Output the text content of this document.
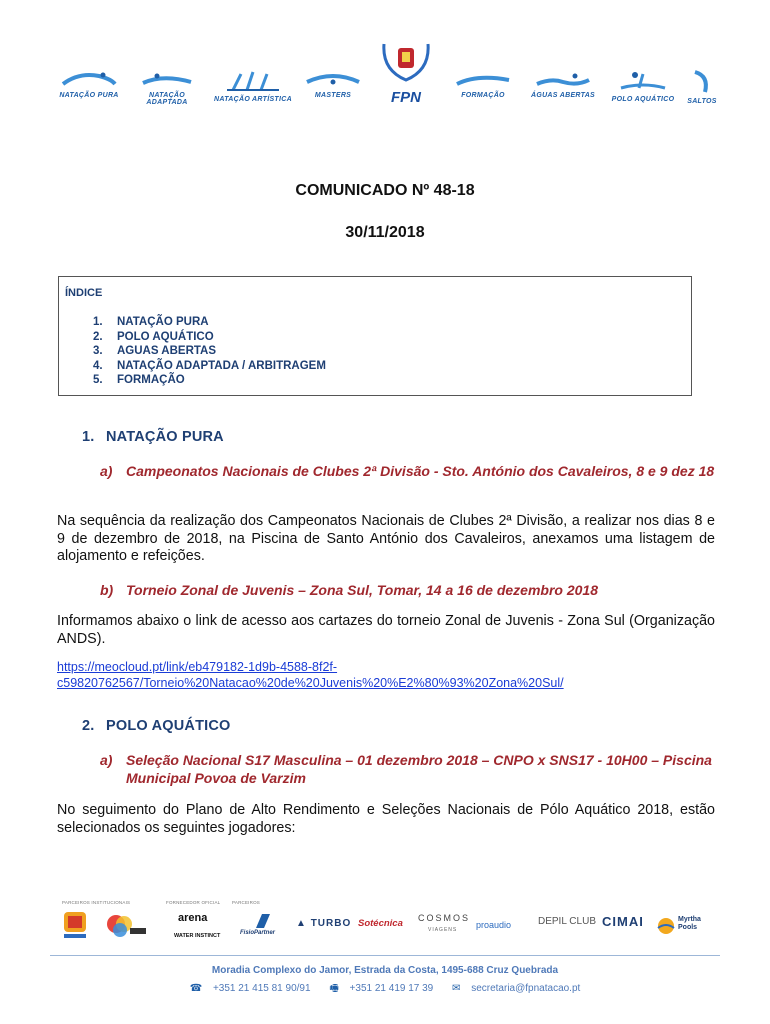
NATAÇÃO PURA	NATAÇÃO ADAPTADA	NATAÇÃO ARTÍSTICA
MASTERS	FPN	FORMAÇÃO	ÁGUAS ABERTAS
POLO AQUÁTICO	SALTOS
COMUNICADO Nº 48-18
30/11/2018
ÍNDICE
1. NATAÇÃO PURA
2. POLO AQUÁTICO
3. AGUAS ABERTAS
4. NATAÇÃO ADAPTADA / ARBITRAGEM
5. FORMAÇÃO
1. NATAÇÃO PURA
a) Campeonatos Nacionais de Clubes 2ª Divisão - Sto. António dos Cavaleiros, 8 e 9 dez 18
Na sequência da realização dos Campeonatos Nacionais de Clubes 2ª Divisão, a realizar nos dias 8 e 9 de dezembro de 2018, na Piscina de Santo António dos Cavaleiros, anexamos uma listagem de alojamento e refeições.
b) Torneio Zonal de Juvenis – Zona Sul, Tomar, 14 a 16 de dezembro 2018
Informamos abaixo o link de acesso aos cartazes do torneio Zonal de Juvenis - Zona Sul (Organização ANDS).
https://meocloud.pt/link/eb479182-1d9b-4588-8f2f-
c59820762567/Torneio%20Natacao%20de%20Juvenis%20%E2%80%93%20Zona%20Sul/
2. POLO AQUÁTICO
a) Seleção Nacional S17 Masculina – 01 dezembro 2018 – CNPO x SNS17 - 10H00 – Piscina Municipal Povoa de Varzim
No seguimento do Plano de Alto Rendimento e Seleções Nacionais de Pólo Aquático 2018, estão selecionados os seguintes jogadores:
PARCEIROS INSTITUCIONAIS	FORNECEDOR OFICIAL	PARCEIROS
arena
WATER INSTINCT	FisioPartner
▲ TURBO Sotécnica COSMOS
VIAGENS proaudio	DEPIL CLUB CIMAI	Myrtha Pools
Moradia Complexo do Jamor, Estrada da Costa, 1495-688 Cruz Quebrada
☎ +351 21 415 81 90/91 🖷 +351 21 419 17 39 ✉ secretaria@fpnatacao.pt
